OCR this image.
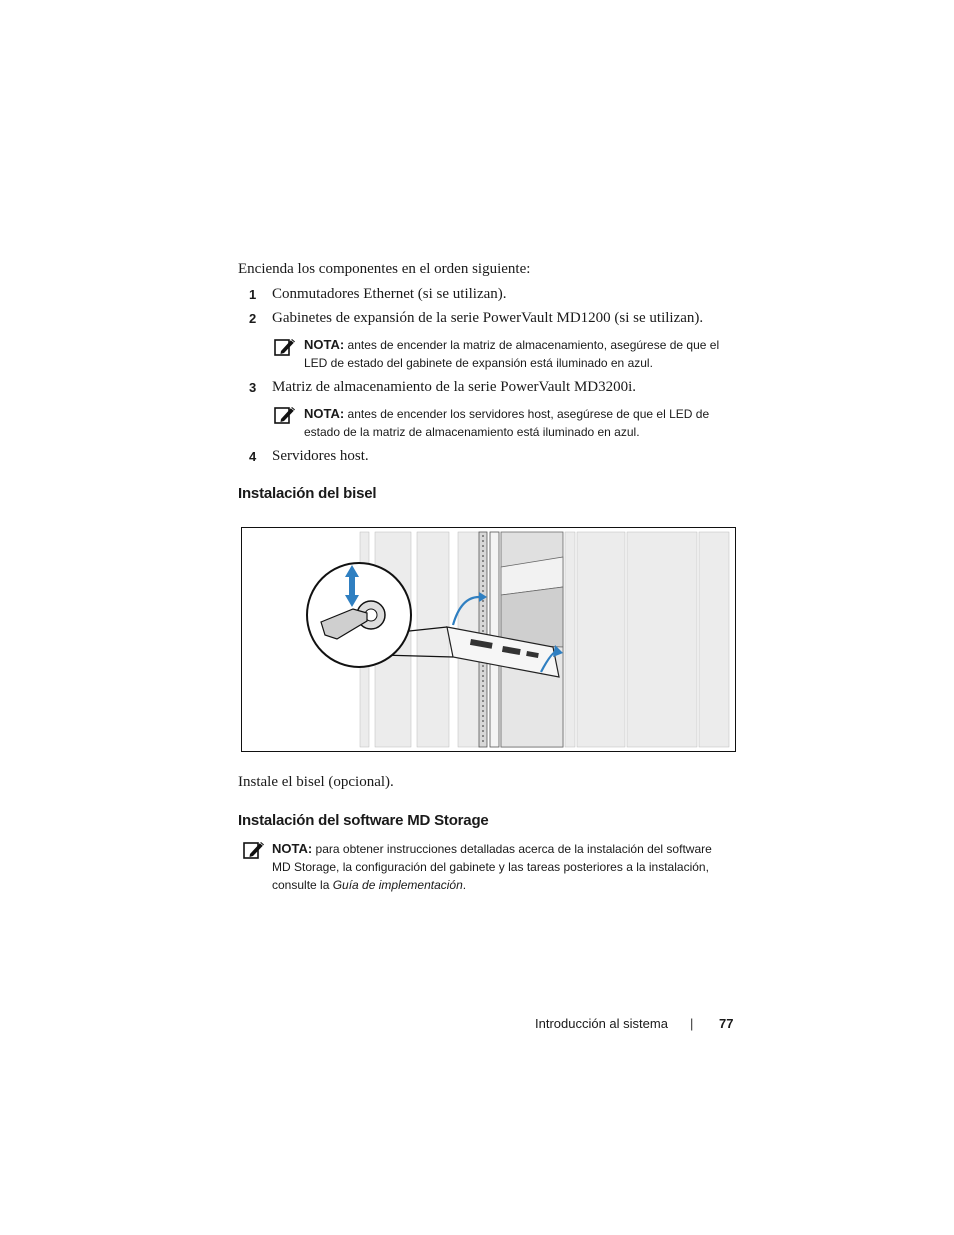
Encienda los componentes en el orden siguiente:
1 Conmutadores Ethernet (si se utilizan).
2 Gabinetes de expansión de la serie PowerVault MD1200 (si se utilizan).
NOTA: antes de encender la matriz de almacenamiento, asegúrese de que el
LED de estado del gabinete de expansión está iluminado en azul.
3 Matriz de almacenamiento de la serie PowerVault MD3200i.
NOTA: antes de encender los servidores host, asegúrese de que el LED de
estado de la matriz de almacenamiento está iluminado en azul.
4 Servidores host.
Instalación del bisel
Instale el bisel (opcional).
Instalación del software MD Storage
NOTA: para obtener instrucciones detalladas acerca de la instalación del software
MD Storage, la configuración del gabinete y las tareas posteriores a la instalación,
consulte la Guía de implementación.
Introducción al sistema | 77
